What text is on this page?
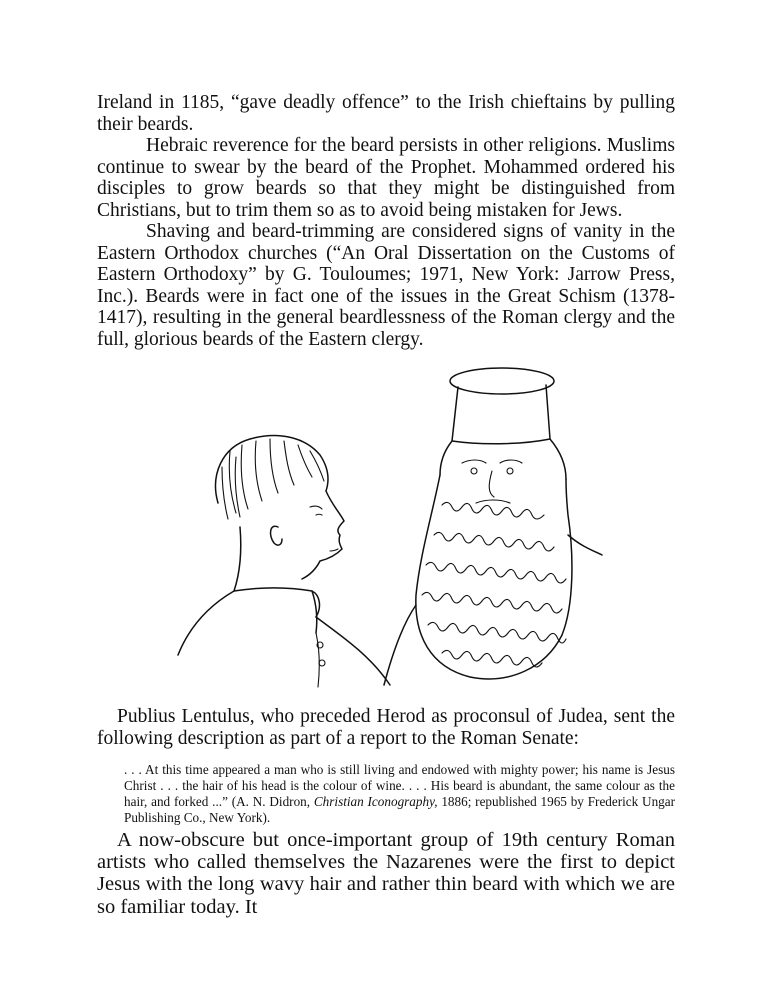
Ireland in 1185, “gave deadly offence” to the Irish chieftains by pulling their beards.

Hebraic reverence for the beard persists in other religions. Muslims continue to swear by the beard of the Prophet. Mohammed ordered his disciples to grow beards so that they might be distinguished from Christians, but to trim them so as to avoid being mistaken for Jews.

Shaving and beard-trimming are considered signs of vanity in the Eastern Orthodox churches (“An Oral Dissertation on the Customs of Eastern Orthodoxy” by G. Touloumes; 1971, New York: Jarrow Press, Inc.). Beards were in fact one of the issues in the Great Schism (1378-1417), resulting in the general beardlessness of the Roman clergy and the full, glorious beards of the Eastern clergy.

Publius Lentulus, who preceded Herod as proconsul of Judea, sent the following description as part of a report to the Roman Senate:

. . . At this time appeared a man who is still living and endowed with mighty power; his name is Jesus Christ . . . the hair of his head is the colour of wine. . . . His beard is abundant, the same colour as the hair, and forked ...” (A. N. Didron, Christian Iconography, 1886; republished 1965 by Frederick Ungar Publishing Co., New York).

A now-obscure but once-important group of 19th century Roman artists who called themselves the Nazarenes were the first to depict Jesus with the long wavy hair and rather thin beard with which we are so familiar today. It
